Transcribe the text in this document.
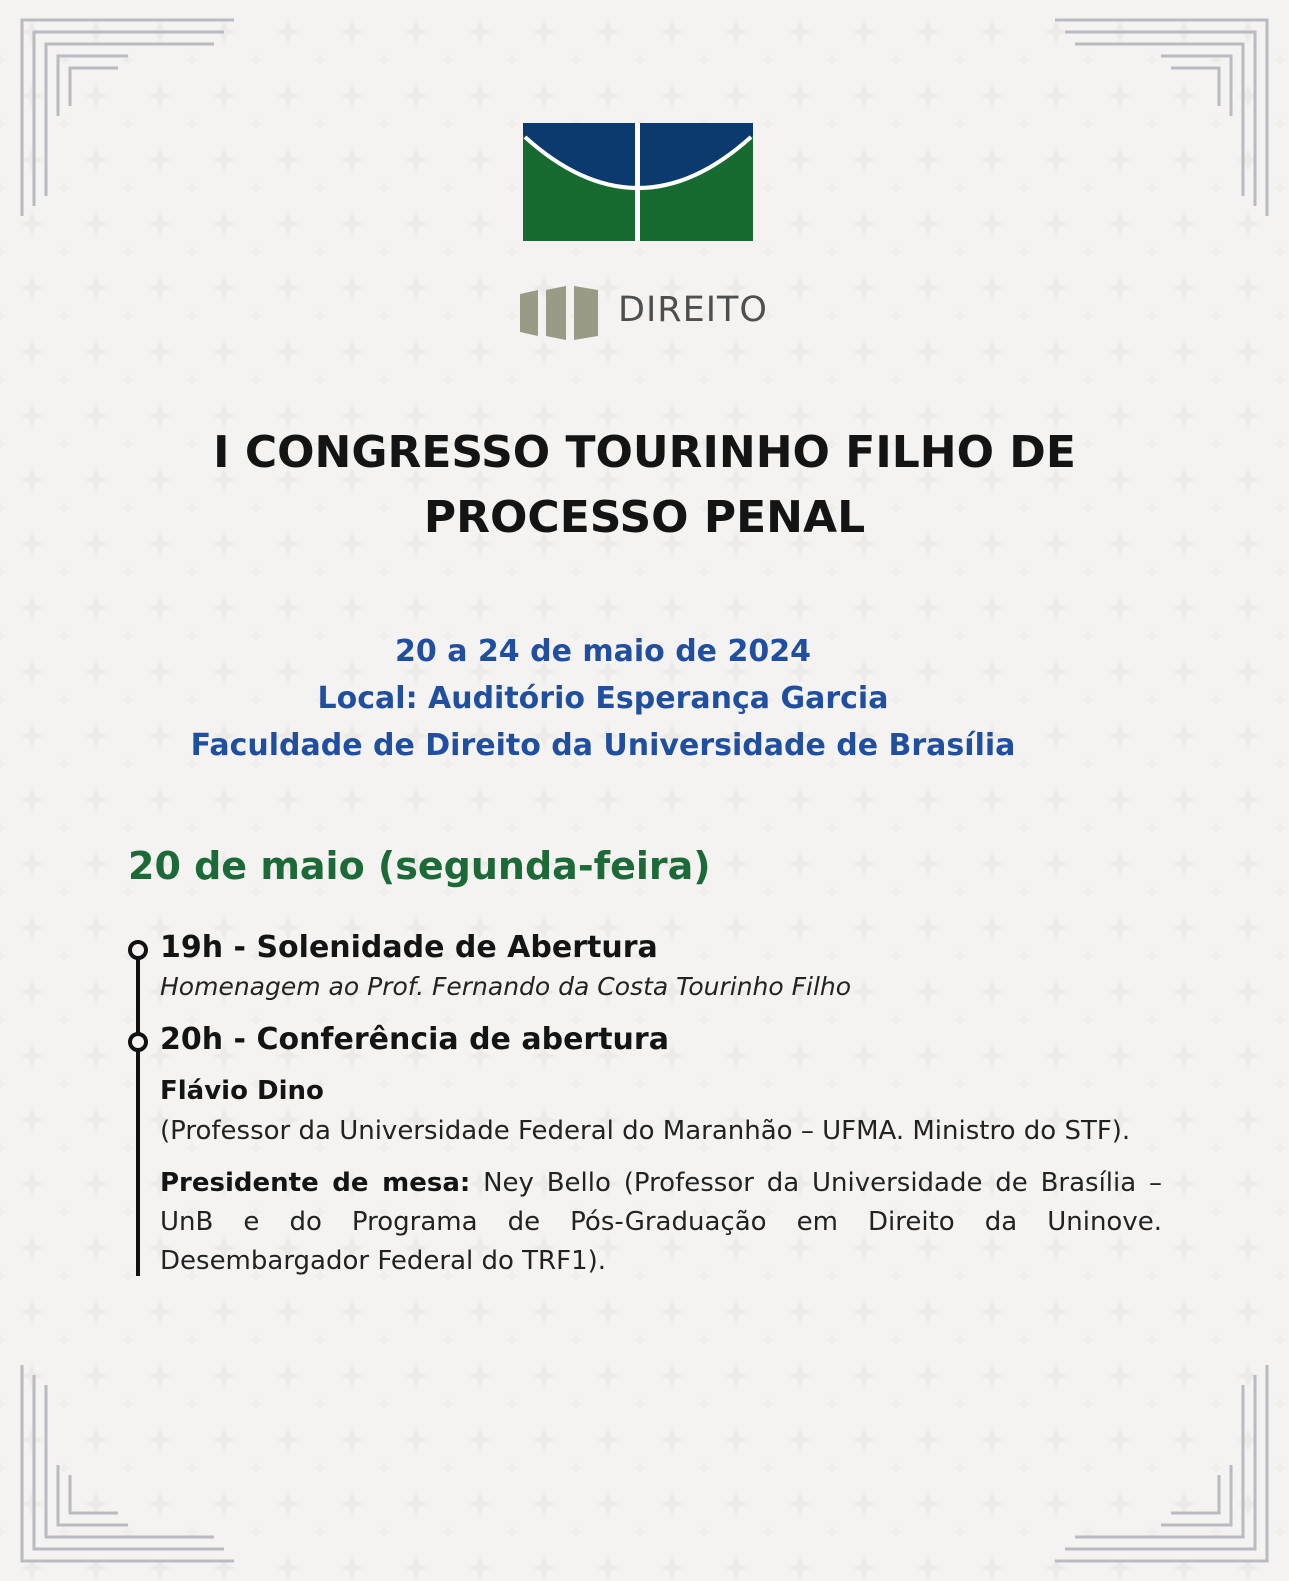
DIREITO
I CONGRESSO TOURINHO FILHO DE
PROCESSO PENAL
20 a 24 de maio de 2024
Local: Auditório Esperança Garcia
Faculdade de Direito da Universidade de Brasília
20 de maio (segunda-feira)
19h - Solenidade de Abertura
Homenagem ao Prof. Fernando da Costa Tourinho Filho
20h - Conferência de abertura
Flávio Dino
(Professor da Universidade Federal do Maranhão – UFMA. Ministro do STF).
Presidente de mesa: Ney Bello (Professor da Universidade de Brasília – UnB e do Programa de Pós-Graduação em Direito da Uninove. Desembargador Federal do TRF1).
